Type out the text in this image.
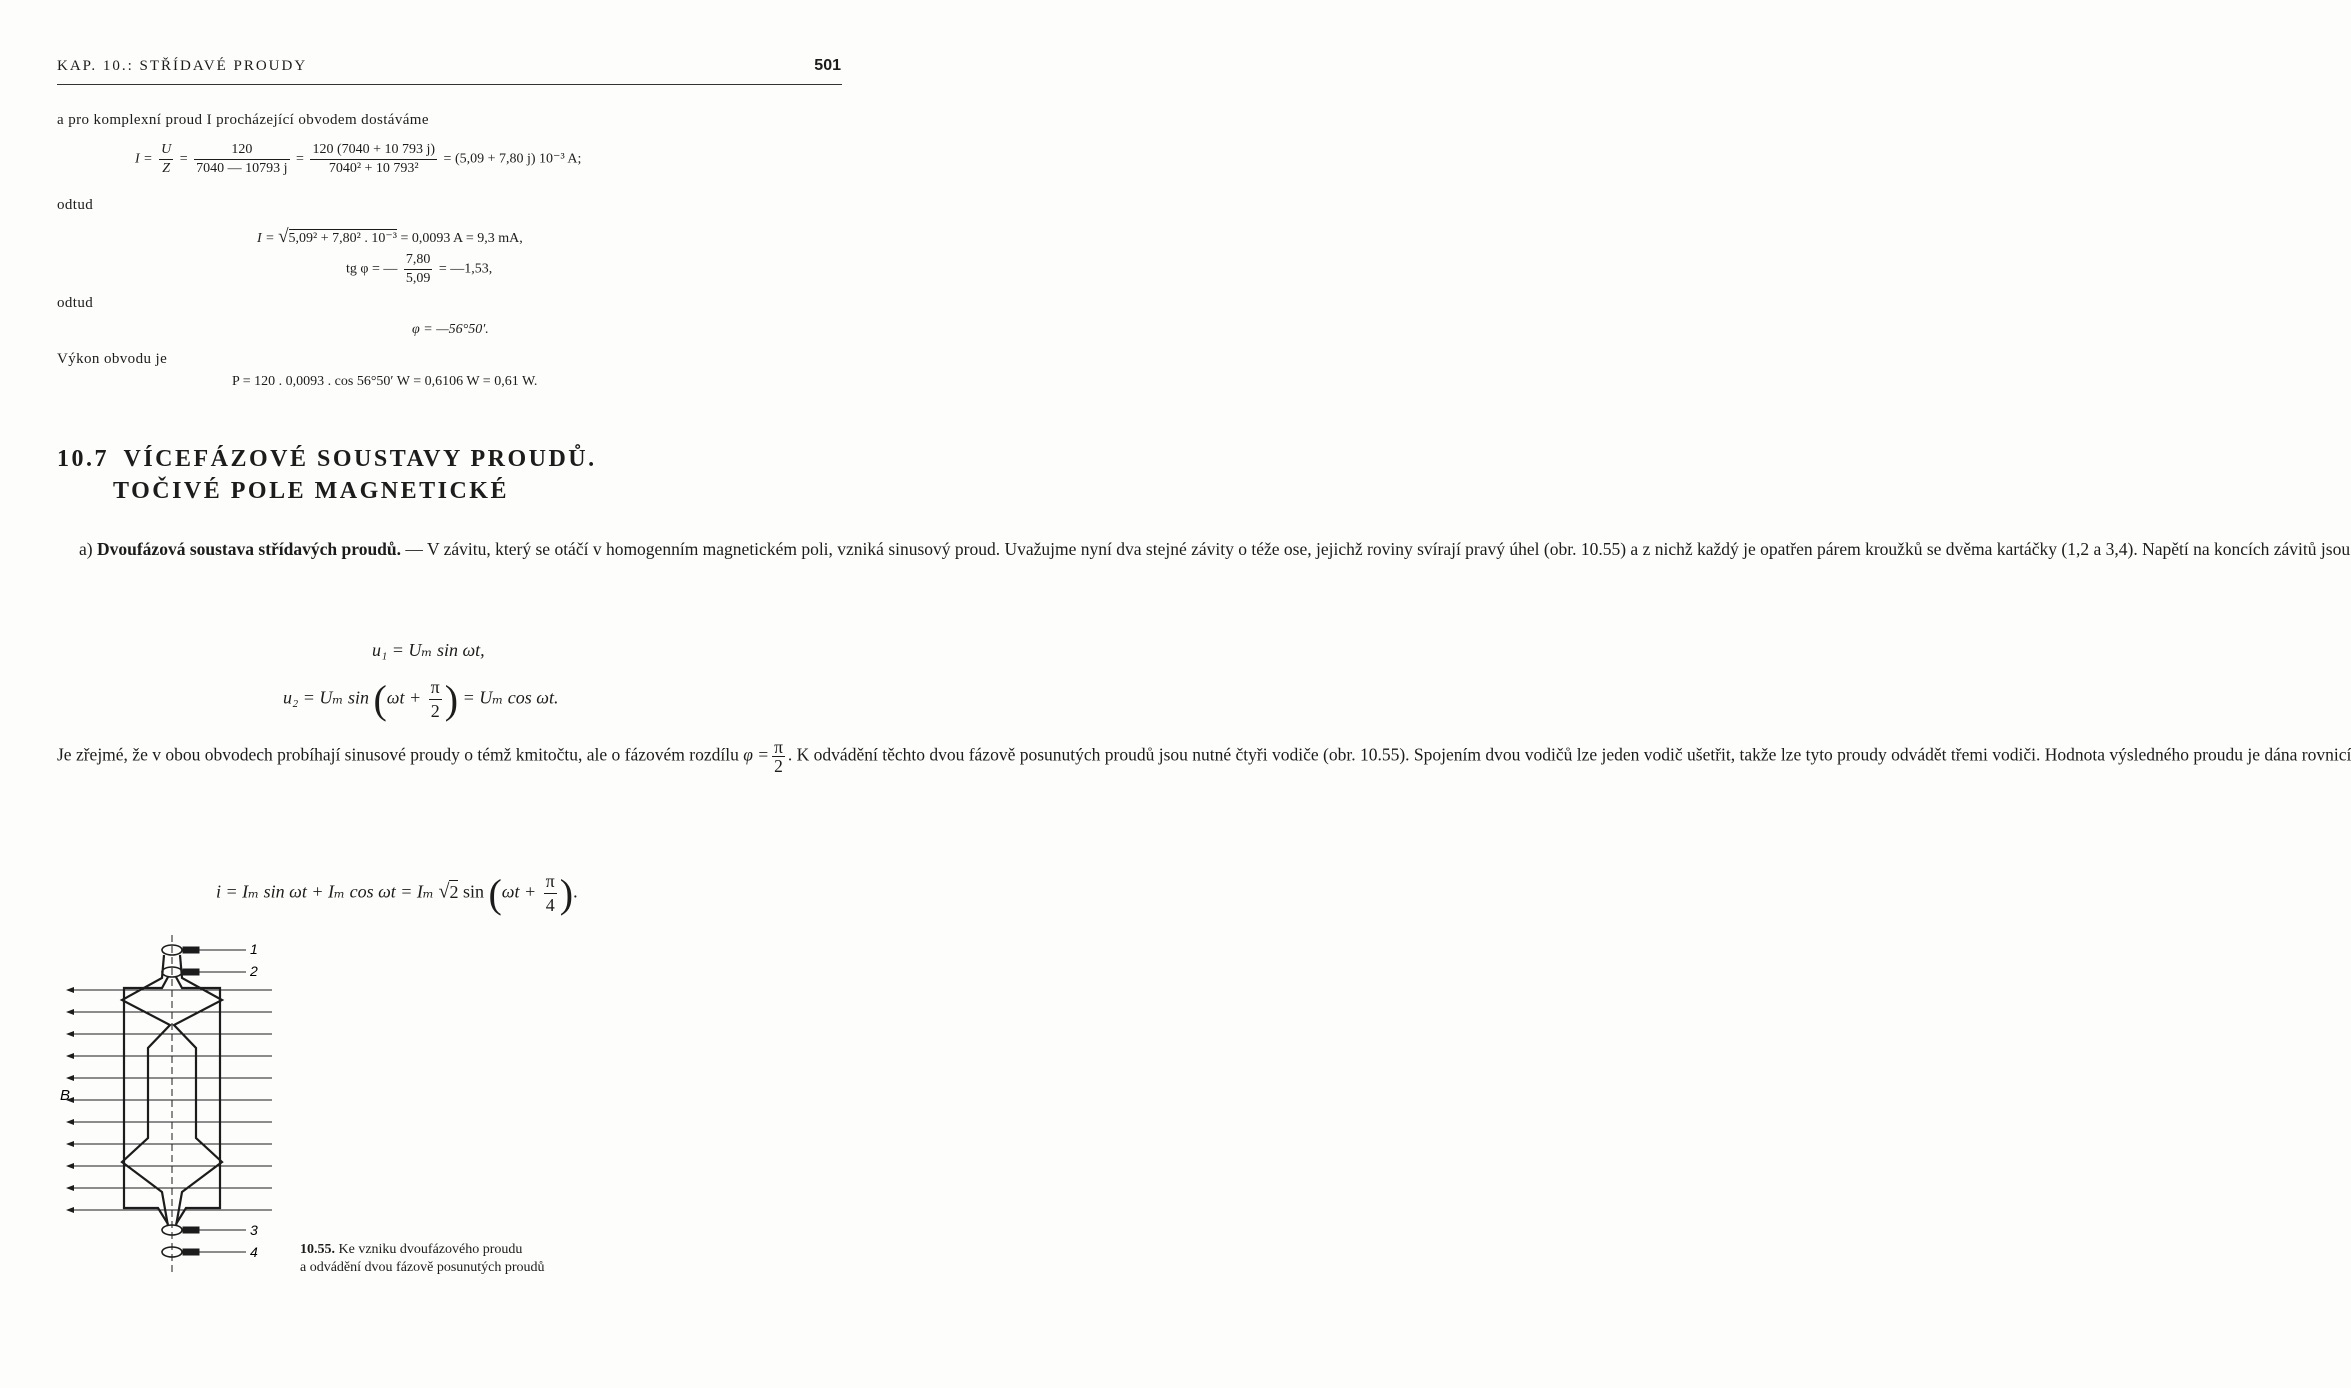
KAP. 10.: STŘÍDAVÉ PROUDY	501
a pro komplexní proud I procházející obvodem dostáváme
$I = \frac{U}{Z} = \frac{120}{7040 — 10793 j} = \frac{120 (7040 + 10 793 j)}{\text{7040² + 10 793²}} = (5,09 + 7,80$ j) 10⁻³ A;
odtud
I = √5,09² + 7,80² . 10⁻³ = 0,0093 A = 9,3 mA,
tg φ = — $\frac{7,80}{5,09}$ = —1,53,
odtud
φ = —56°50′.
Výkon obvodu je
P = 120 . 0,0093 . cos 56°50′ W = 0,6106 W = 0,61 W.
10.7 VÍCEFÁZOVÉ SOUSTAVY PROUDŮ.
TOČIVÉ POLE MAGNETICKÉ

a) Dvoufázová soustava střídavých proudů. — V závitu, který se otáčí v homogenním magnetickém poli, vzniká sinusový proud. Uvažujme nyní dva stejné závity o téže ose, jejichž roviny svírají pravý úhel (obr. 10.55) a z nichž každý je opatřen párem kroužků se dvěma kartáčky (1,2 a 3,4). Napětí na koncích závitů jsou

u₁ = Uₘ sin ωt,
u₂ = Uₘ $\sin (\omega t + \frac{\pi}{2}$ ) = Uₘ cos ωt.

Je zřejmé, že v obou obvodech probíhají sinusové proudy o témž kmitočtu, ale o fázovém rozdílu $\varphi = \frac{\pi}{2}$ . K odvádění těchto dvou fázově posunutých proudů jsou nutné čtyři vodiče (obr. 10.55). Spojením dvou vodičů lze jeden vodič ušetřit, takže lze tyto proudy odvádět třemi vodiči. Hodnota výsledného proudu je dána rovnicí

i = Iₘ sin ωt + Iₘ cos ωt = Iₘ √2 $\sin (\omega t + \frac{\pi}{4}$ ).
1
2
3
4
B
10.55. Ke vzniku dvoufázového proudu
a odvádění dvou fázově posunutých proudů
